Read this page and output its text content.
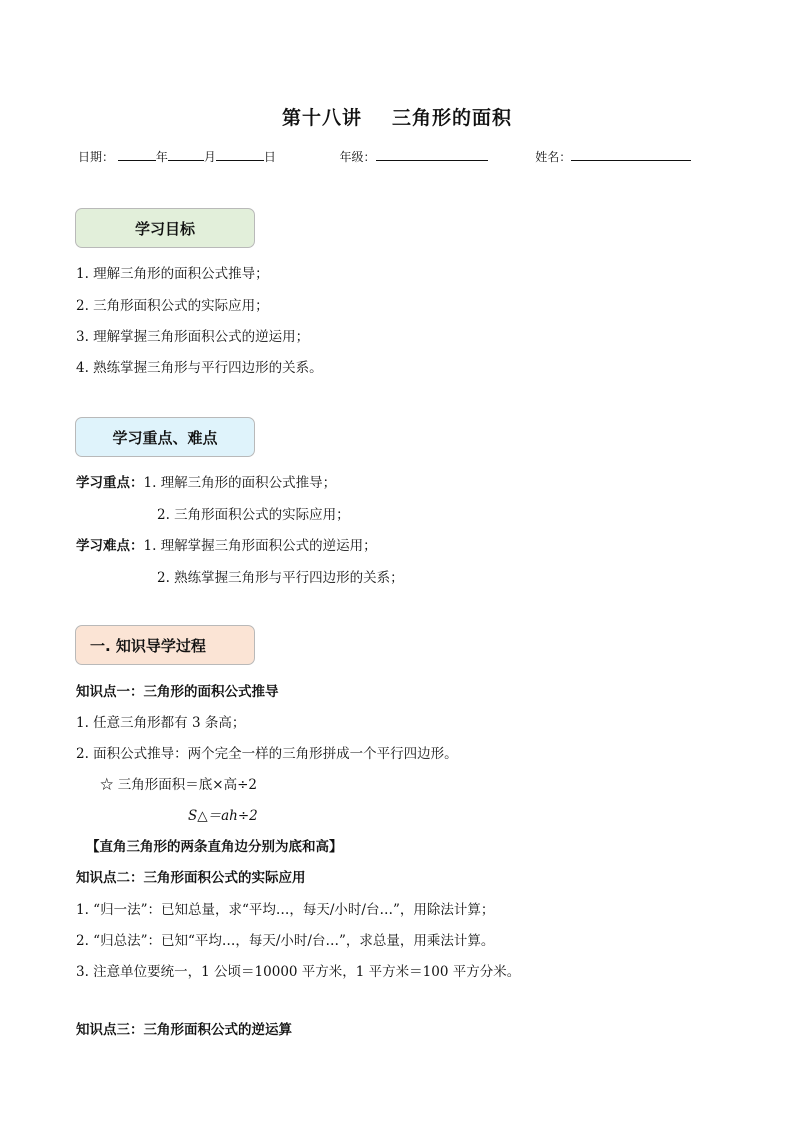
第十八讲 三角形的面积
日期：	年	月	日	年级：	姓名：
学习目标
1. 理解三角形的面积公式推导；
2. 三角形面积公式的实际应用；
3. 理解掌握三角形面积公式的逆运用；
4. 熟练掌握三角形与平行四边形的关系。
学习重点、难点
学习重点：1. 理解三角形的面积公式推导；
2. 三角形面积公式的实际应用；
学习难点：1. 理解掌握三角形面积公式的逆运用；
2. 熟练掌握三角形与平行四边形的关系；
一. 知识导学过程
知识点一：三角形的面积公式推导
1. 任意三角形都有 3 条高；
2. 面积公式推导：两个完全一样的三角形拼成一个平行四边形。
☆ 三角形面积＝底×高÷2
S△＝ah÷2
【直角三角形的两条直角边分别为底和高】
知识点二：三角形面积公式的实际应用
1. “归一法”：已知总量，求“平均…，每天/小时/台…”，用除法计算；
2. “归总法”：已知“平均…，每天/小时/台…”，求总量，用乘法计算。
3. 注意单位要统一，1 公顷＝10000 平方米，1 平方米＝100 平方分米。
知识点三：三角形面积公式的逆运算
